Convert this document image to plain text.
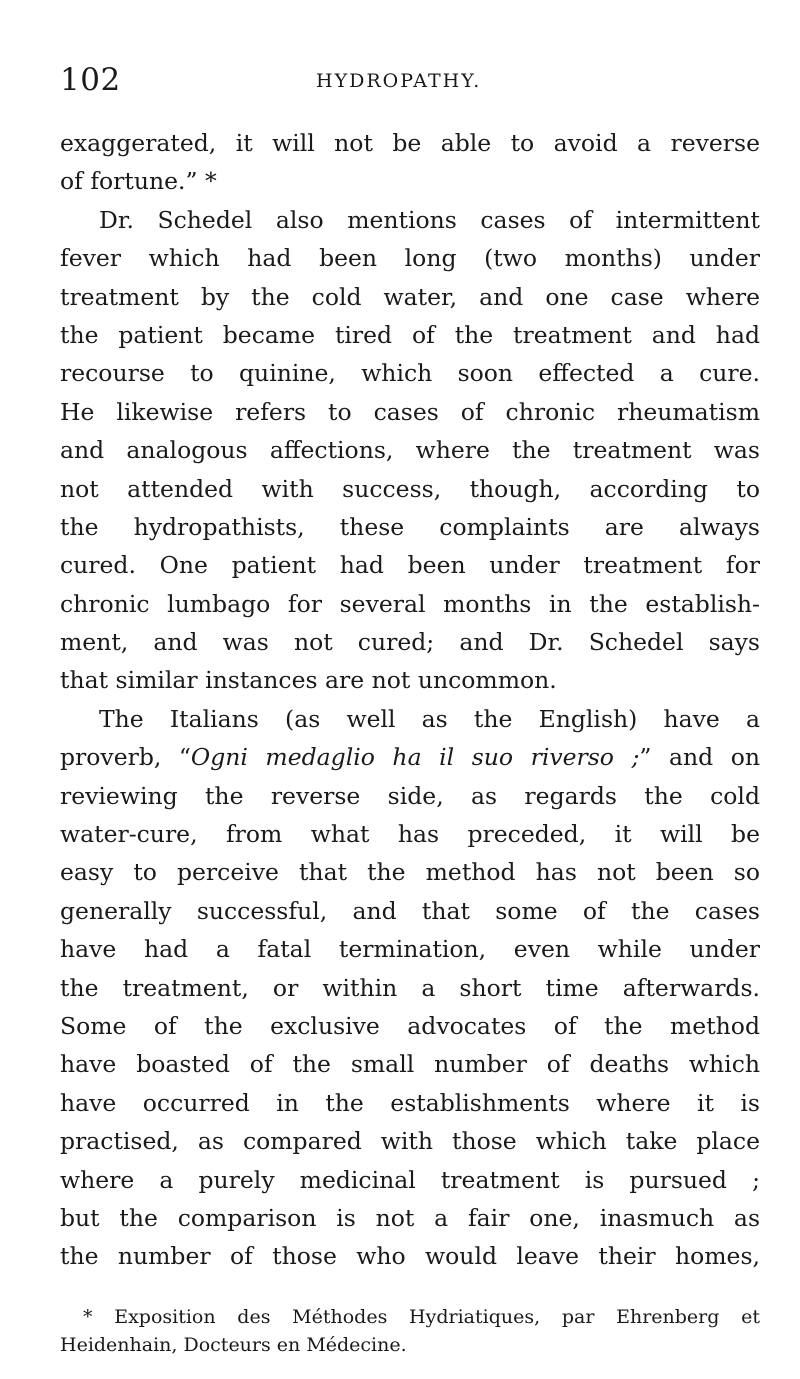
102	HYDROPATHY.
exaggerated, it will not be able to avoid a reverse
of fortune.” *
Dr. Schedel also mentions cases of intermittent
fever which had been long (two months) under
treatment by the cold water, and one case where
the patient became tired of the treatment and had
recourse to quinine, which soon effected a cure.
He likewise refers to cases of chronic rheumatism
and analogous affections, where the treatment was
not attended with success, though, according to
the hydropathists, these complaints are always
cured. One patient had been under treatment for
chronic lumbago for several months in the establish-
ment, and was not cured; and Dr. Schedel says
that similar instances are not uncommon.
The Italians (as well as the English) have a
proverb, “Ogni medaglio ha il suo riverso ;” and on
reviewing the reverse side, as regards the cold
water-cure, from what has preceded, it will be
easy to perceive that the method has not been so
generally successful, and that some of the cases
have had a fatal termination, even while under
the treatment, or within a short time afterwards.
Some of the exclusive advocates of the method
have boasted of the small number of deaths which
have occurred in the establishments where it is
practised, as compared with those which take place
where a purely medicinal treatment is pursued ;
but the comparison is not a fair one, inasmuch as
the number of those who would leave their homes,
* Exposition des Méthodes Hydriatiques, par Ehrenberg et
Heidenhain, Docteurs en Médecine.
